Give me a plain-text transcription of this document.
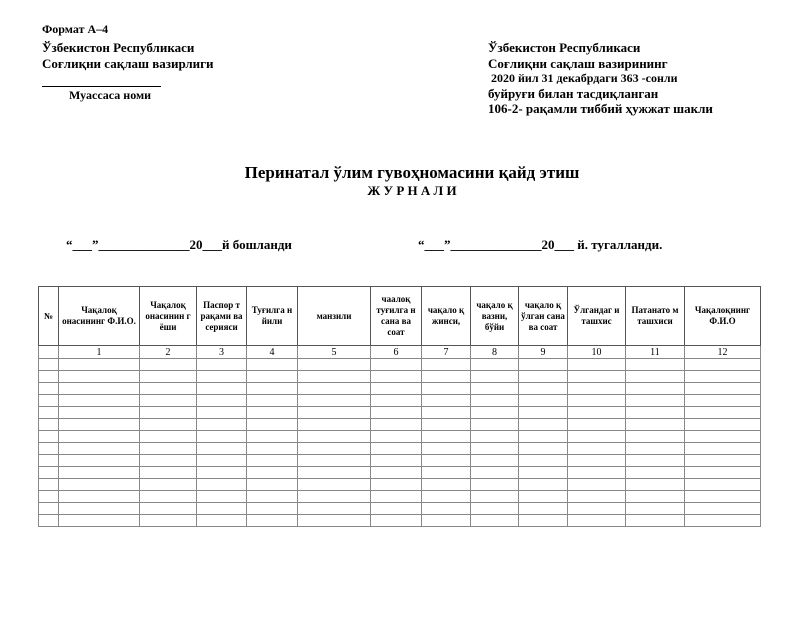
Формат А–4
Ўзбекистон Республикаси
Соғлиқни сақлаш вазирлиги
Муассаса номи
Ўзбекистон Республикаси
Соғлиқни сақлаш вазирининг
2020 йил 31 декабрдаги 363 -сонли
буйруғи билан тасдиқланган
106-2- рақамли тиббий ҳужжат шакли
Перинатал ўлим гувоҳномасини қайд этиш
Ж У Р Н А Л И
“___”______________20___й бошланди	“___”______________20___ й. тугалланди.
№	Чақалоқ онасининг Ф.И.О.	Чақалоқ онасинин г ёши	Паспор т рақами ва серияси	Туғилга н йили	манзили	чаалоқ туғилга н сана ва соат	чақало қ жинси,	чақало қ вазни, бўйи	чақало қ ўлган сана ва соат	Ўлгандаг и ташхис	Патанато м ташхиси	Чақалоқнинг Ф.И.О
	1	2	3	4	5	6	7	8	9	10	11	12
